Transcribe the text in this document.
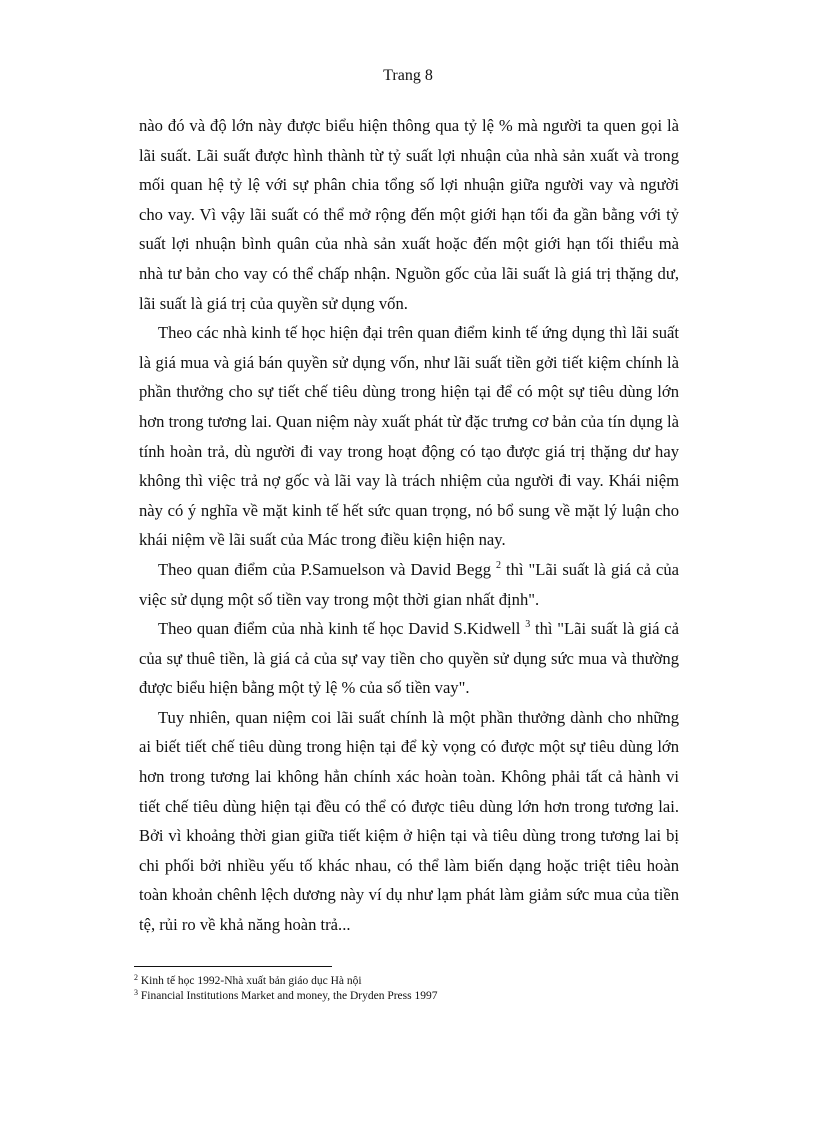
Trang 8

nào đó và độ lớn này được biểu hiện thông qua tỷ lệ % mà người ta quen gọi là lãi suất. Lãi suất được hình thành từ tỷ suất lợi nhuận của nhà sản xuất và trong mối quan hệ tỷ lệ với sự phân chia tổng số lợi nhuận giữa người vay và người cho vay. Vì vậy lãi suất có thể mở rộng đến một giới hạn tối đa gần bằng với tỷ suất lợi nhuận bình quân của nhà sản xuất hoặc đến một giới hạn tối thiểu mà nhà tư bản cho vay có thể chấp nhận. Nguồn gốc của lãi suất là giá trị thặng dư, lãi suất là giá trị của quyền sử dụng vốn.

Theo các nhà kinh tế học hiện đại trên quan điểm kinh tế ứng dụng thì lãi suất là giá mua và giá bán quyền sử dụng vốn, như lãi suất tiền gởi tiết kiệm chính là phần thưởng cho sự tiết chế tiêu dùng trong hiện tại để có một sự tiêu dùng lớn hơn trong tương lai. Quan niệm này xuất phát từ đặc trưng cơ bản của tín dụng là tính hoàn trả, dù người đi vay trong hoạt động có tạo được giá trị thặng dư hay không thì việc trả nợ gốc và lãi vay là trách nhiệm của người đi vay. Khái niệm này có ý nghĩa về mặt kinh tế hết sức quan trọng, nó bổ sung về mặt lý luận cho khái niệm về lãi suất của Mác trong điều kiện hiện nay.

Theo quan điểm của P.Samuelson và David Begg $^2$ thì "Lãi suất là giá cả của việc sử dụng một số tiền vay trong một thời gian nhất định".

Theo quan điểm của nhà kinh tế học David S.Kidwell $^3$ thì "Lãi suất là giá cả của sự thuê tiền, là giá cả của sự vay tiền cho quyền sử dụng sức mua và thường được biểu hiện bằng một tỷ lệ % của số tiền vay".

Tuy nhiên, quan niệm coi lãi suất chính là một phần thưởng dành cho những ai biết tiết chế tiêu dùng trong hiện tại để kỳ vọng có được một sự tiêu dùng lớn hơn trong tương lai không hẳn chính xác hoàn toàn. Không phải tất cả hành vi tiết chế tiêu dùng hiện tại đều có thể có được tiêu dùng lớn hơn trong tương lai. Bởi vì khoảng thời gian giữa tiết kiệm ở hiện tại và tiêu dùng trong tương lai bị chi phối bởi nhiều yếu tố khác nhau, có thể làm biến dạng hoặc triệt tiêu hoàn toàn khoản chênh lệch dương này ví dụ như lạm phát làm giảm sức mua của tiền tệ, rủi ro về khả năng hoàn trả...

$^2$ Kinh tế học 1992-Nhà xuất bản giáo dục Hà nội

$^3$ Financial Institutions Market and money, the Dryden Press 1997
